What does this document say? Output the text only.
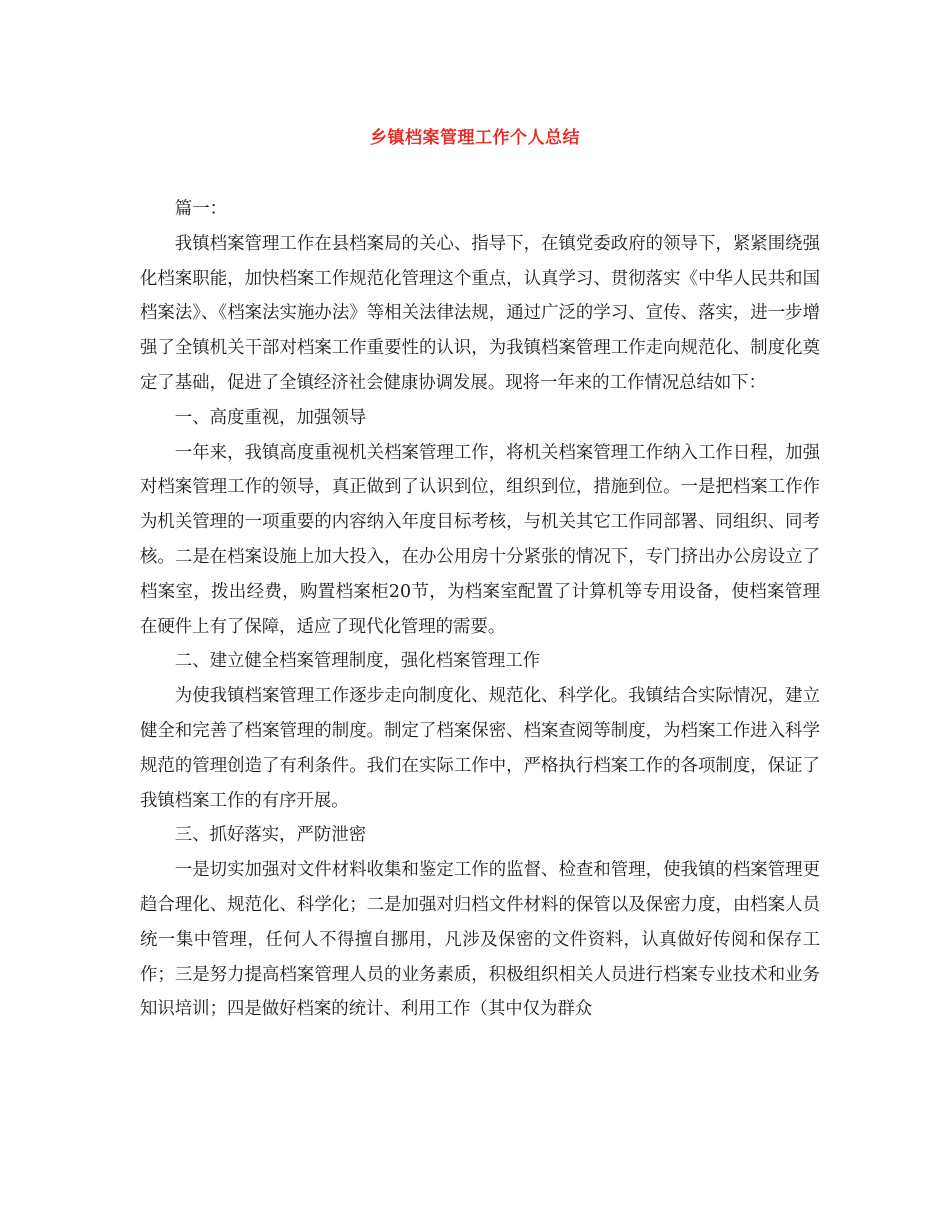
乡镇档案管理工作个人总结

篇一：

我镇档案管理工作在县档案局的关心、指导下，在镇党委政府的领导下，紧紧围绕强化档案职能，加快档案工作规范化管理这个重点，认真学习、贯彻落实《中华人民共和国档案法》、《档案法实施办法》等相关法律法规，通过广泛的学习、宣传、落实，进一步增强了全镇机关干部对档案工作重要性的认识，为我镇档案管理工作走向规范化、制度化奠定了基础，促进了全镇经济社会健康协调发展。现将一年来的工作情况总结如下：

一、高度重视，加强领导

一年来，我镇高度重视机关档案管理工作，将机关档案管理工作纳入工作日程，加强对档案管理工作的领导，真正做到了认识到位，组织到位，措施到位。一是把档案工作作为机关管理的一项重要的内容纳入年度目标考核，与机关其它工作同部署、同组织、同考核。二是在档案设施上加大投入，在办公用房十分紧张的情况下，专门挤出办公房设立了档案室，拨出经费，购置档案柜20节，为档案室配置了计算机等专用设备，使档案管理在硬件上有了保障，适应了现代化管理的需要。

二、建立健全档案管理制度，强化档案管理工作

为使我镇档案管理工作逐步走向制度化、规范化、科学化。我镇结合实际情况，建立健全和完善了档案管理的制度。制定了档案保密、档案查阅等制度，为档案工作进入科学规范的管理创造了有利条件。我们在实际工作中，严格执行档案工作的各项制度，保证了我镇档案工作的有序开展。

三、抓好落实，严防泄密

一是切实加强对文件材料收集和鉴定工作的监督、检查和管理，使我镇的档案管理更趋合理化、规范化、科学化；二是加强对归档文件材料的保管以及保密力度，由档案人员统一集中管理，任何人不得擅自挪用，凡涉及保密的文件资料，认真做好传阅和保存工作；三是努力提高档案管理人员的业务素质，积极组织相关人员进行档案专业技术和业务知识培训；四是做好档案的统计、利用工作（其中仅为群众
